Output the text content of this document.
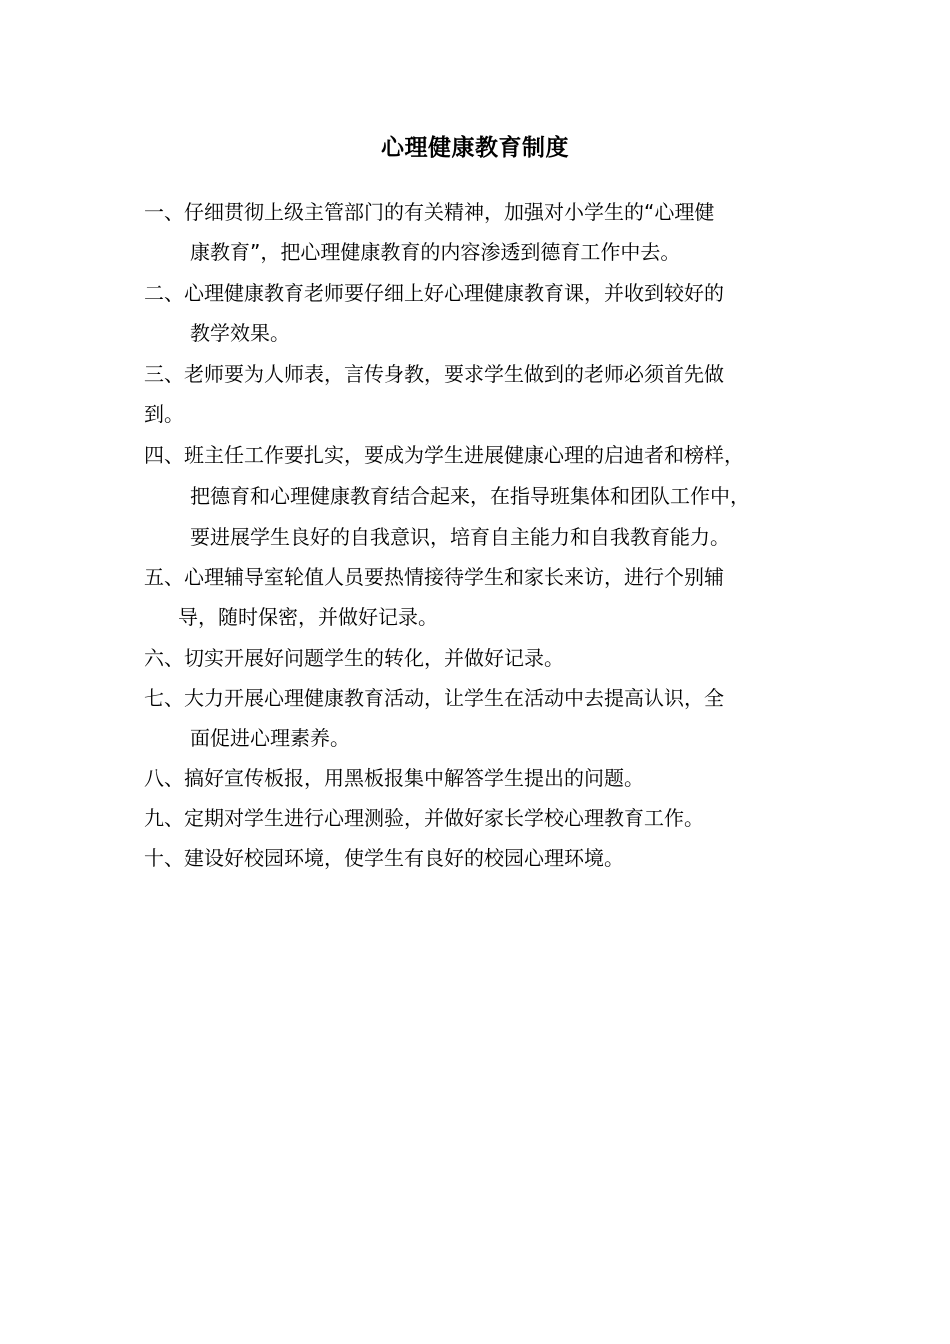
心理健康教育制度
一、仔细贯彻上级主管部门的有关精神，加强对小学生的“心理健
康教育”，把心理健康教育的内容渗透到德育工作中去。
二、心理健康教育老师要仔细上好心理健康教育课，并收到较好的
教学效果。
三、老师要为人师表，言传身教，要求学生做到的老师必须首先做
到。
四、班主任工作要扎实，要成为学生进展健康心理的启迪者和榜样，
把德育和心理健康教育结合起来，在指导班集体和团队工作中，
要进展学生良好的自我意识，培育自主能力和自我教育能力。
五、心理辅导室轮值人员要热情接待学生和家长来访，进行个别辅
导，随时保密，并做好记录。
六、切实开展好问题学生的转化，并做好记录。
七、大力开展心理健康教育活动，让学生在活动中去提高认识，全
面促进心理素养。
八、搞好宣传板报，用黑板报集中解答学生提出的问题。
九、定期对学生进行心理测验，并做好家长学校心理教育工作。
十、建设好校园环境，使学生有良好的校园心理环境。
